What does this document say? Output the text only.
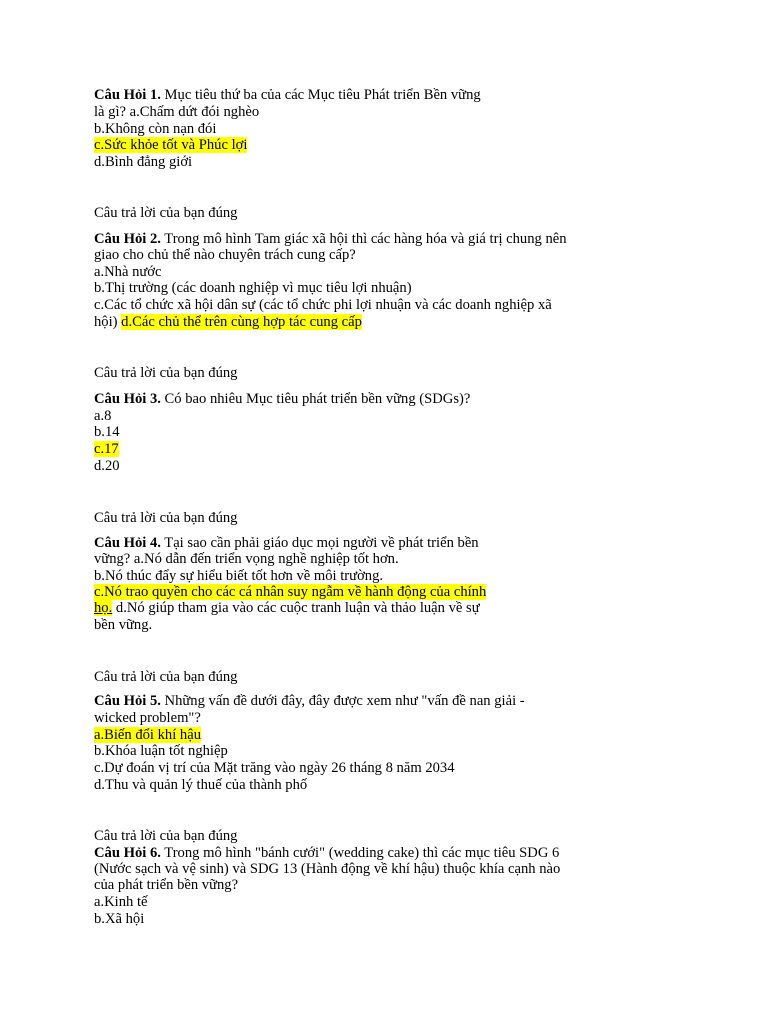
Câu Hỏi 1. Mục tiêu thứ ba của các Mục tiêu Phát triển Bền vững
là gì? a.Chấm dứt đói nghèo
b.Không còn nạn đói
c.Sức khỏe tốt và Phúc lợi
d.Bình đẳng giới
Câu trả lời của bạn đúng
Câu Hỏi 2. Trong mô hình Tam giác xã hội thì các hàng hóa và giá trị chung nên
giao cho chủ thể nào chuyên trách cung cấp?
a.Nhà nước
b.Thị trường (các doanh nghiệp vì mục tiêu lợi nhuận)
c.Các tổ chức xã hội dân sự (các tổ chức phi lợi nhuận và các doanh nghiệp xã
hội) d.Các chủ thể trên cùng hợp tác cung cấp
Câu trả lời của bạn đúng
Câu Hỏi 3. Có bao nhiêu Mục tiêu phát triển bền vững (SDGs)?
a.8
b.14
c.17
d.20
Câu trả lời của bạn đúng
Câu Hỏi 4. Tại sao cần phải giáo dục mọi người về phát triển bền
vững? a.Nó dẫn đến triển vọng nghề nghiệp tốt hơn.
b.Nó thúc đẩy sự hiểu biết tốt hơn về môi trường.
c.Nó trao quyền cho các cá nhân suy ngẫm về hành động của chính
họ. d.Nó giúp tham gia vào các cuộc tranh luận và thảo luận về sự
bền vững.
Câu trả lời của bạn đúng
Câu Hỏi 5. Những vấn đề dưới đây, đây được xem như "vấn đề nan giải -
wicked problem"?
a.Biến đổi khí hậu
b.Khóa luận tốt nghiệp
c.Dự đoán vị trí của Mặt trăng vào ngày 26 tháng 8 năm 2034
d.Thu và quản lý thuế của thành phố
Câu trả lời của bạn đúng
Câu Hỏi 6. Trong mô hình "bánh cưới" (wedding cake) thì các mục tiêu SDG 6
(Nước sạch và vệ sinh) và SDG 13 (Hành động về khí hậu) thuộc khía cạnh nào
của phát triển bền vững?
a.Kinh tế
b.Xã hội
